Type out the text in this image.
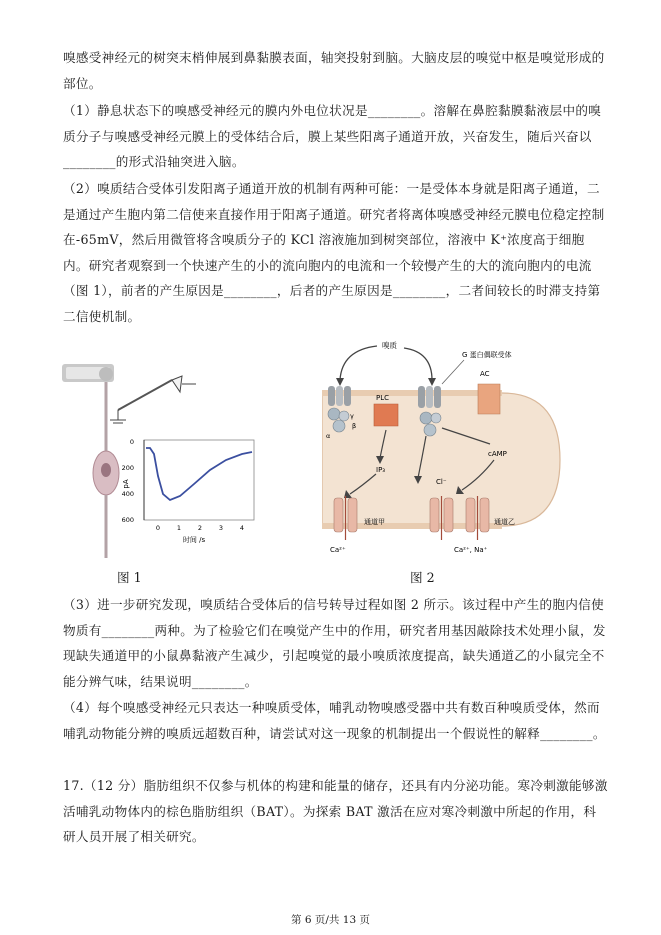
嗅感受神经元的树突末梢伸展到鼻黏膜表面，轴突投射到脑。大脑皮层的嗅觉中枢是嗅觉形成的部位。

（1）静息状态下的嗅感受神经元的膜内外电位状况是________。溶解在鼻腔黏膜黏液层中的嗅质分子与嗅感受神经元膜上的受体结合后，膜上某些阳离子通道开放，兴奋发生，随后兴奋以________的形式沿轴突进入脑。

（2）嗅质结合受体引发阳离子通道开放的机制有两种可能：一是受体本身就是阳离子通道，二是通过产生胞内第二信使来直接作用于阳离子通道。研究者将离体嗅感受神经元膜电位稳定控制在-65mV，然后用微管将含嗅质分子的 KCl 溶液施加到树突部位，溶液中 K⁺浓度高于细胞内。研究者观察到一个快速产生的小的流向胞内的电流和一个较慢产生的大的流向胞内的电流（图 1），前者的产生原因是________，后者的产生原因是________，二者间较长的时滞支持第二信使机制。

0
200
400
600
pA
0	1	2	3	4
时间 /s
嗅质
G 蛋白偶联受体
AC
α
γ
β
PLC
IP₃
cAMP
Cl⁻
通道甲	通道乙
Ca²⁺	Ca²⁺, Na⁺
图 1	图 2

（3）进一步研究发现，嗅质结合受体后的信号转导过程如图 2 所示。该过程中产生的胞内信使物质有________两种。为了检验它们在嗅觉产生中的作用，研究者用基因敲除技术处理小鼠，发现缺失通道甲的小鼠鼻黏液产生减少，引起嗅觉的最小嗅质浓度提高，缺失通道乙的小鼠完全不能分辨气味，结果说明________。

（4）每个嗅感受神经元只表达一种嗅质受体，哺乳动物嗅感受器中共有数百种嗅质受体，然而哺乳动物能分辨的嗅质远超数百种，请尝试对这一现象的机制提出一个假说性的解释________。

17.（12 分）脂肪组织不仅参与机体的构建和能量的储存，还具有内分泌功能。寒冷刺激能够激活哺乳动物体内的棕色脂肪组织（BAT）。为探索 BAT 激活在应对寒冷刺激中所起的作用，科研人员开展了相关研究。

第 6 页/共 13 页
